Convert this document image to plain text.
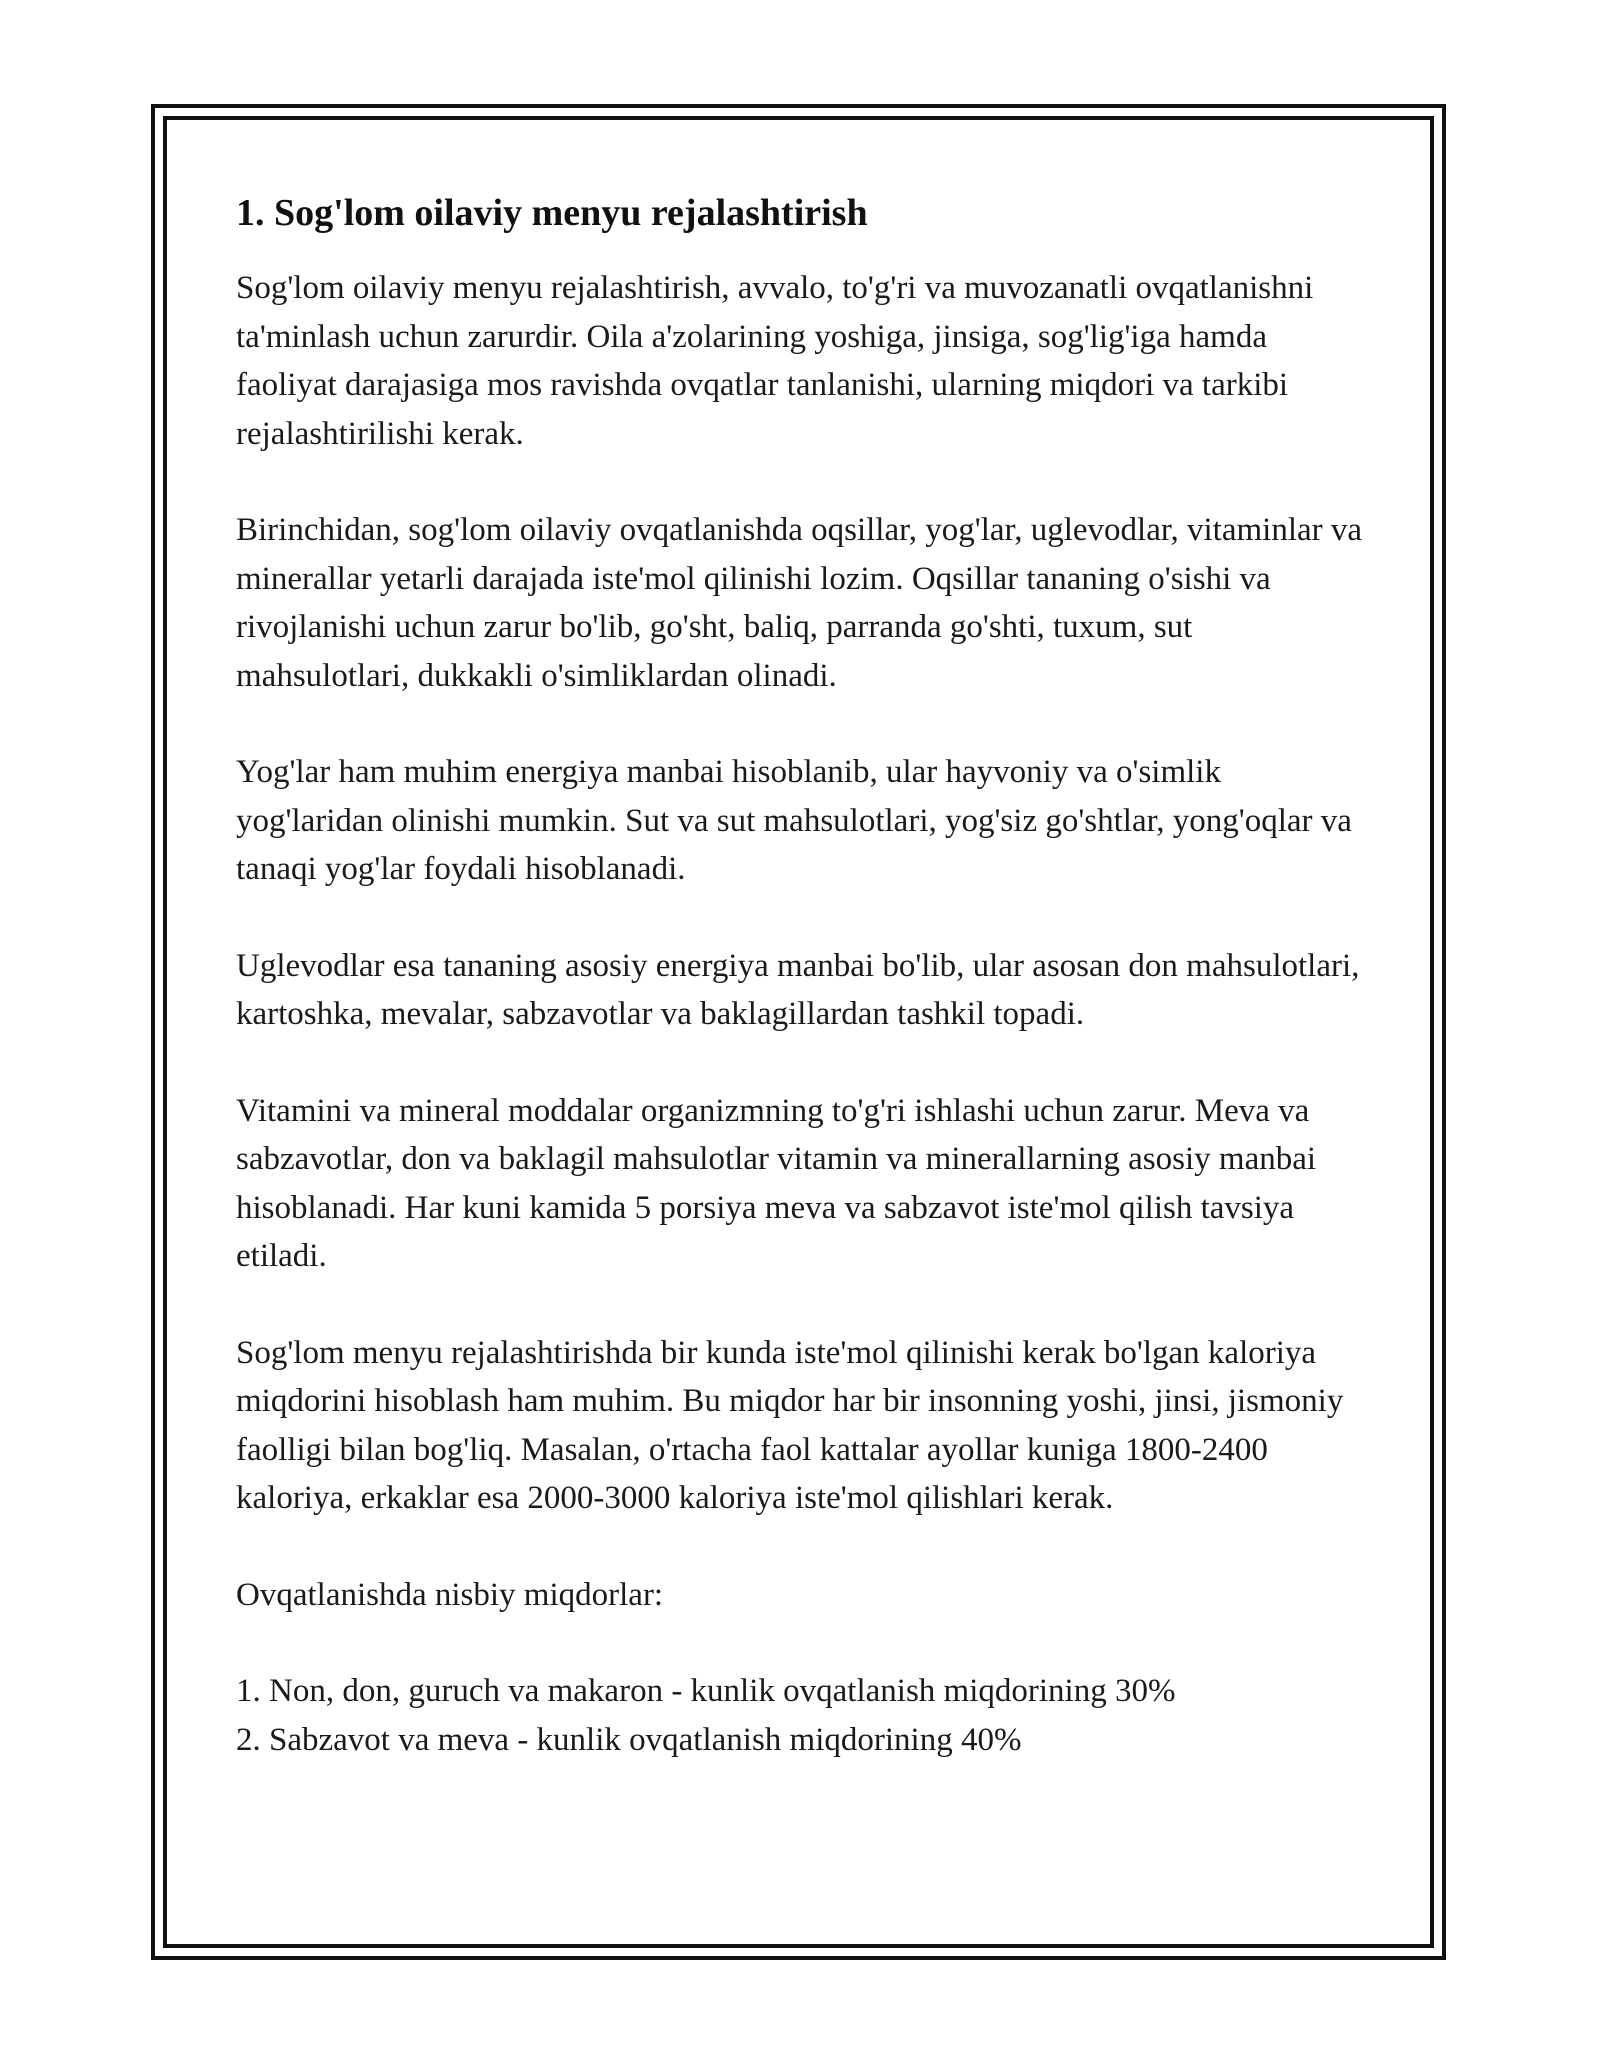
1. Sog'lom oilaviy menyu rejalashtirish

Sog'lom oilaviy menyu rejalashtirish, avvalo, to'g'ri va muvozanatli ovqatlanishni ta'minlash uchun zarurdir. Oila a'zolarining yoshiga, jinsiga, sog'lig'iga hamda faoliyat darajasiga mos ravishda ovqatlar tanlanishi, ularning miqdori va tarkibi rejalashtirilishi kerak.

Birinchidan, sog'lom oilaviy ovqatlanishda oqsillar, yog'lar, uglevodlar, vitaminlar va minerallar yetarli darajada iste'mol qilinishi lozim. Oqsillar tananing o'sishi va rivojlanishi uchun zarur bo'lib, go'sht, baliq, parranda go'shti, tuxum, sut mahsulotlari, dukkakli o'simliklardan olinadi.

Yog'lar ham muhim energiya manbai hisoblanib, ular hayvoniy va o'simlik yog'laridan olinishi mumkin. Sut va sut mahsulotlari, yog'siz go'shtlar, yong'oqlar va tanaqi yog'lar foydali hisoblanadi.

Uglevodlar esa tananing asosiy energiya manbai bo'lib, ular asosan don mahsulotlari, kartoshka, mevalar, sabzavotlar va baklagillardan tashkil topadi.

Vitamini va mineral moddalar organizmning to'g'ri ishlashi uchun zarur. Meva va sabzavotlar, don va baklagil mahsulotlar vitamin va minerallarning asosiy manbai hisoblanadi. Har kuni kamida 5 porsiya meva va sabzavot iste'mol qilish tavsiya etiladi.

Sog'lom menyu rejalashtirishda bir kunda iste'mol qilinishi kerak bo'lgan kaloriya miqdorini hisoblash ham muhim. Bu miqdor har bir insonning yoshi, jinsi, jismoniy faolligi bilan bog'liq. Masalan, o'rtacha faol kattalar ayollar kuniga 1800-2400 kaloriya, erkaklar esa 2000-3000 kaloriya iste'mol qilishlari kerak.

Ovqatlanishda nisbiy miqdorlar:

1. Non, don, guruch va makaron - kunlik ovqatlanish miqdorining 30%
2. Sabzavot va meva - kunlik ovqatlanish miqdorining 40%
